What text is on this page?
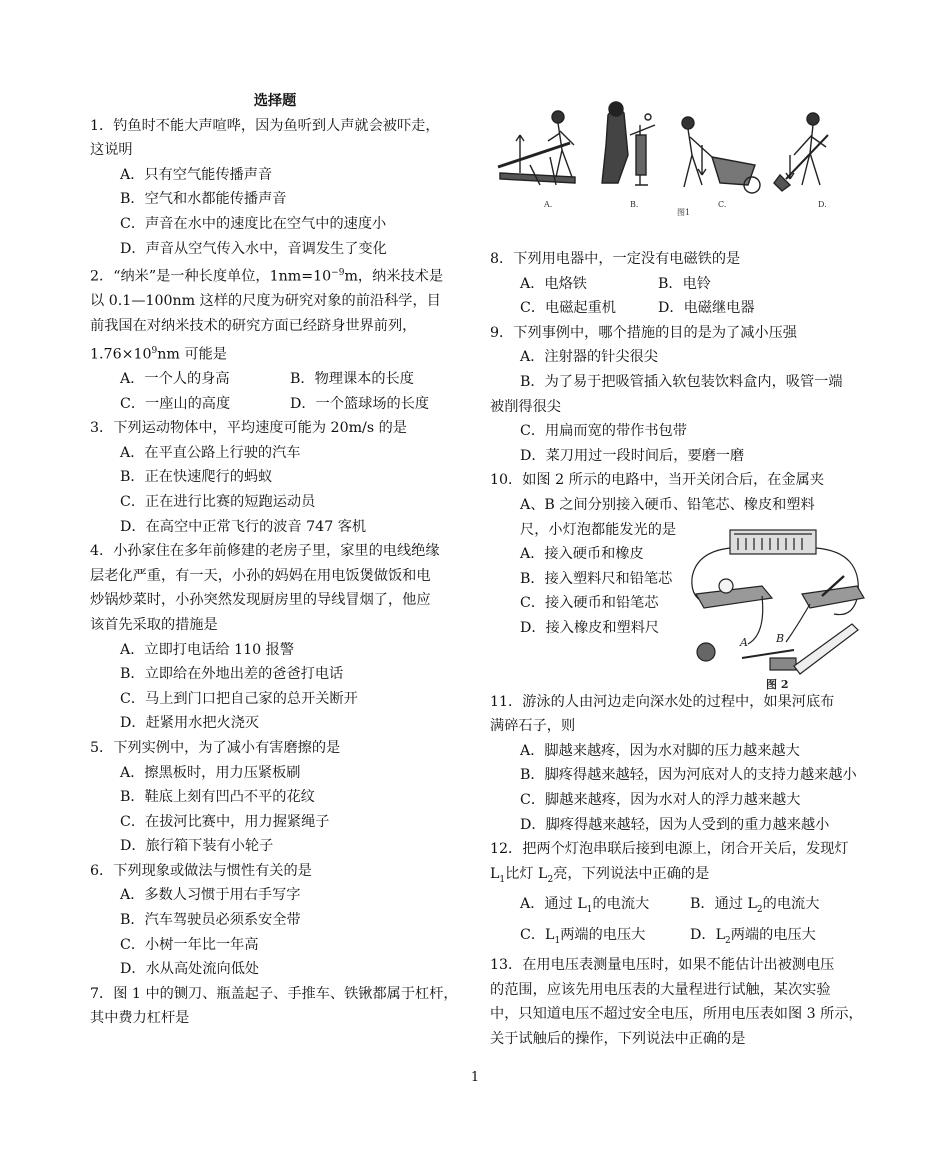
选择题

1．钓鱼时不能大声喧哗，因为鱼听到人声就会被吓走，

这说明

A．只有空气能传播声音

B．空气和水都能传播声音

C．声音在水中的速度比在空气中的速度小

D．声音从空气传入水中，音调发生了变化

2．“纳米”是一种长度单位，$1nm=10^{-9}m$，纳米技术是

以 0.1—100nm 这样的尺度为研究对象的前沿科学，目

前我国在对纳米技术的研究方面已经跻身世界前列，

$1.76\times 10^9nm$ 可能是

A．一个人的身高	B．物理课本的长度
C．一座山的高度	D．一个篮球场的长度

3．下列运动物体中，平均速度可能为 20m/s 的是

A．在平直公路上行驶的汽车

B．正在快速爬行的蚂蚁

C．正在进行比赛的短跑运动员

D．在高空中正常飞行的波音 747 客机

4．小孙家住在多年前修建的老房子里，家里的电线绝缘

层老化严重，有一天，小孙的妈妈在用电饭煲做饭和电

炒锅炒菜时，小孙突然发现厨房里的导线冒烟了，他应

该首先采取的措施是

A．立即打电话给 110 报警

B．立即给在外地出差的爸爸打电话

C．马上到门口把自己家的总开关断开

D．赶紧用水把火浇灭

5．下列实例中，为了减小有害磨擦的是

A．擦黑板时，用力压紧板刷

B．鞋底上刻有凹凸不平的花纹

C．在拔河比赛中，用力握紧绳子

D．旅行箱下装有小轮子

6．下列现象或做法与惯性有关的是

A．多数人习惯于用右手写字

B．汽车驾驶员必须系安全带

C．小树一年比一年高

D．水从高处流向低处

7．图 1 中的铡刀、瓶盖起子、手推车、铁锹都属于杠杆，

其中费力杠杆是

A.	B.	C.	D.
图1

8．下列用电器中，一定没有电磁铁的是

A．电烙铁	B．电铃
C．电磁起重机	D．电磁继电器

9．下列事例中，哪个措施的目的是为了减小压强

A．注射器的针尖很尖

B．为了易于把吸管插入软包装饮料盒内，吸管一端

被削得很尖

C．用扁而宽的带作书包带

D．菜刀用过一段时间后，要磨一磨

10．如图 2 所示的电路中，当开关闭合后，在金属夹

A、B 之间分别接入硬币、铅笔芯、橡皮和塑料

尺，小灯泡都能发光的是

A．接入硬币和橡皮

B．接入塑料尺和铅笔芯

C．接入硬币和铅笔芯

D．接入橡皮和塑料尺

11．游泳的人由河边走向深水处的过程中，如果河底布

满碎石子，则

A．脚越来越疼，因为水对脚的压力越来越大

B．脚疼得越来越轻，因为河底对人的支持力越来越小

C．脚越来越疼，因为水对人的浮力越来越大

D．脚疼得越来越轻，因为人受到的重力越来越小

12．把两个灯泡串联后接到电源上，闭合开关后，发现灯

$L_1$比灯 $L_2$亮，下列说法中正确的是

A．通过 $L_1$的电流大	B．通过 $L_2$的电流大
C．$L_1$两端的电压大	D．$L_2$两端的电压大

13．在用电压表测量电压时，如果不能估计出被测电压

的范围，应该先用电压表的大量程进行试触，某次实验

中，只知道电压不超过安全电压，所用电压表如图 3 所示，

关于试触后的操作，下列说法中正确的是

A	B
图 2
1
